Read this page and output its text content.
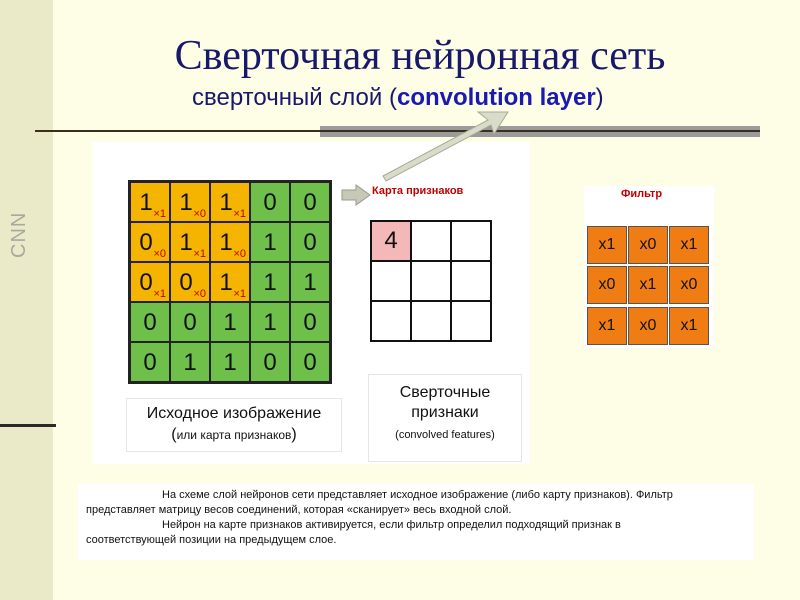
CNN
Сверточная нейронная сеть
сверточный слой (convolution layer)
1 ×1 1 ×0 1 ×1 0 0
0 ×0 1 ×1 1 ×0 1 0
0 ×1 0 ×0 1 ×1 1 1
0 0 1 1 0
0 1 1 0 0
Карта признаков
4
Сверточные признаки
(convolved features)
Исходное изображение
(или карта признаков)
Фильтр
x1	x0	x1
x0	x1	x0
x1	x0	x1

На схеме слой нейронов сети представляет исходное изображение (либо карту признаков). Фильтр

представляет матрицу весов соединений, которая «сканирует» весь входной слой.

Нейрон на карте признаков активируется, если фильтр определил подходящий признак в

соответствующей позиции на предыдущем слое.
